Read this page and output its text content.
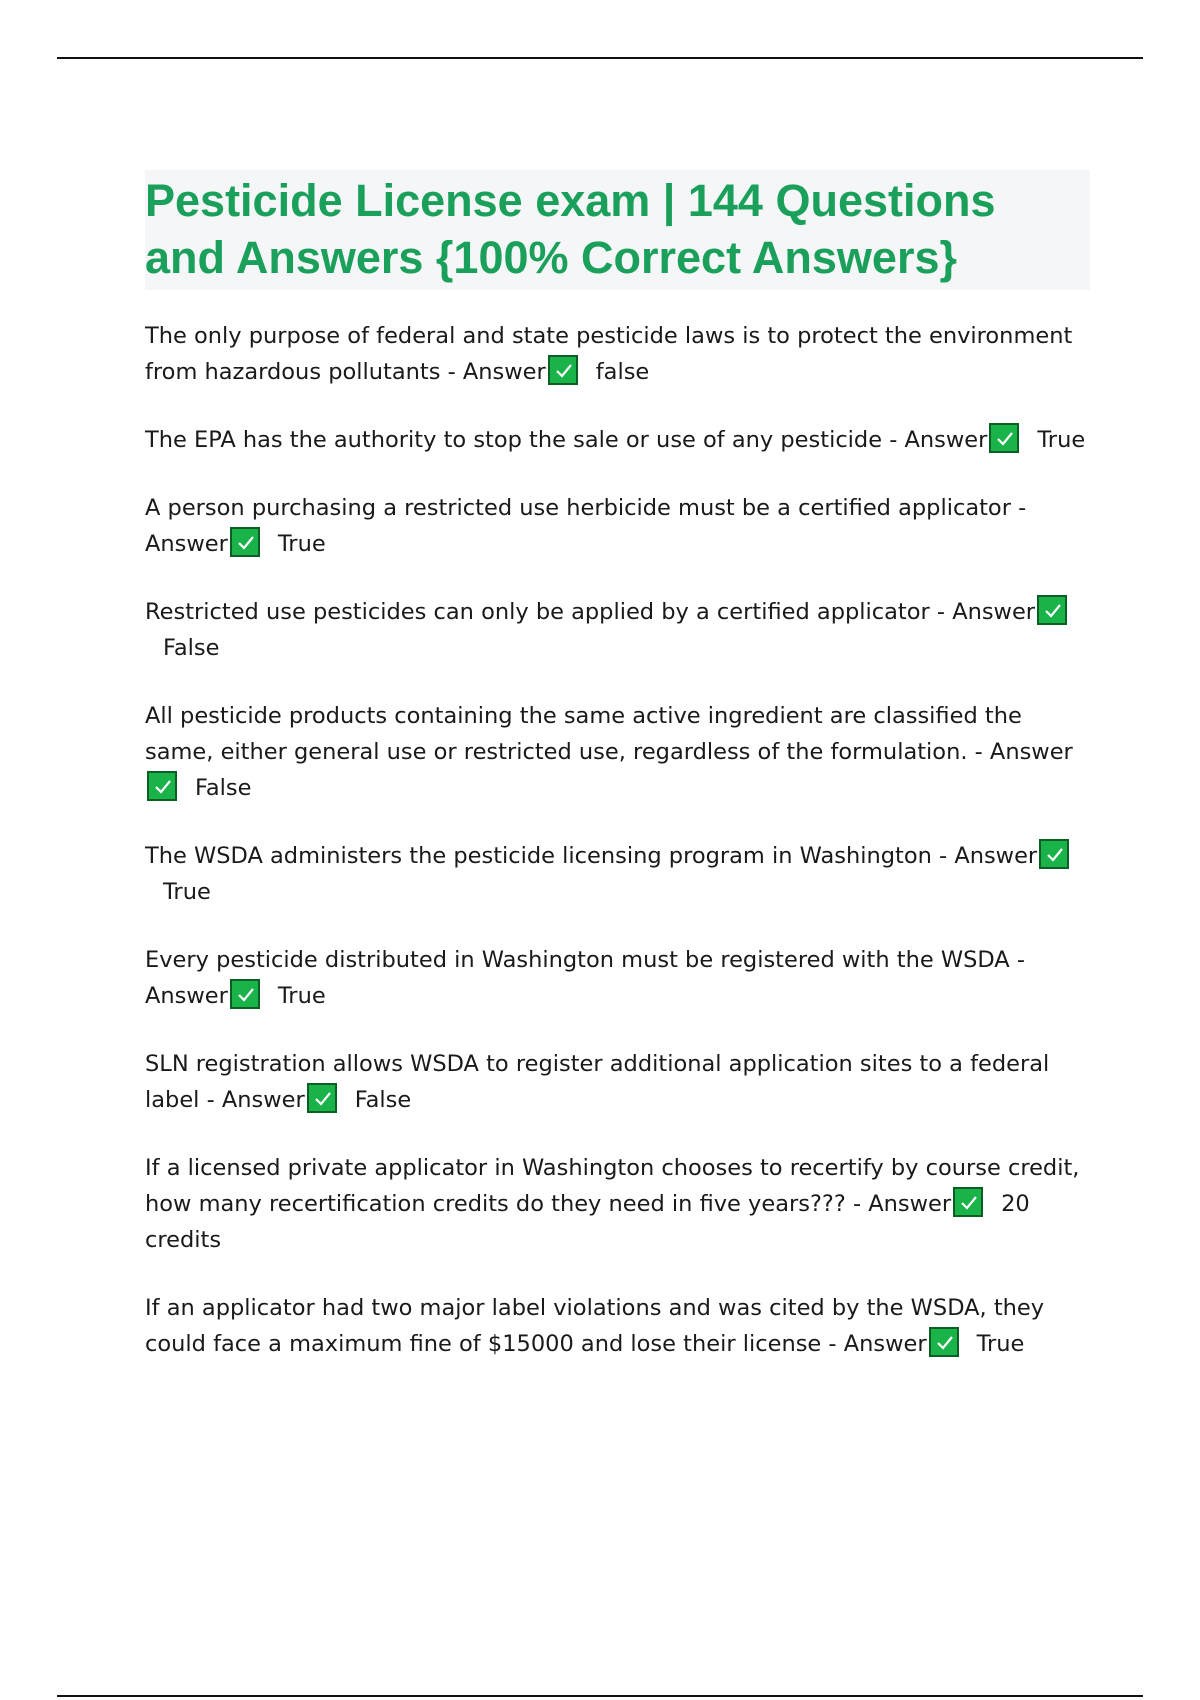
Pesticide License exam | 144 Questions and Answers {100% Correct Answers}

The only purpose of federal and state pesticide laws is to protect the environment from hazardous pollutants - Answer false

The EPA has the authority to stop the sale or use of any pesticide - Answer True

A person purchasing a restricted use herbicide must be a certified applicator - Answer True

Restricted use pesticides can only be applied by a certified applicator - Answer
False

All pesticide products containing the same active ingredient are classified the same, either general use or restricted use, regardless of the formulation. - Answer
False

The WSDA administers the pesticide licensing program in Washington - Answer
True

Every pesticide distributed in Washington must be registered with the WSDA - Answer True

SLN registration allows WSDA to register additional application sites to a federal label - Answer False

If a licensed private applicator in Washington chooses to recertify by course credit, how many recertification credits do they need in five years??? - Answer 20 credits

If an applicator had two major label violations and was cited by the WSDA, they could face a maximum fine of $15000 and lose their license - Answer True
